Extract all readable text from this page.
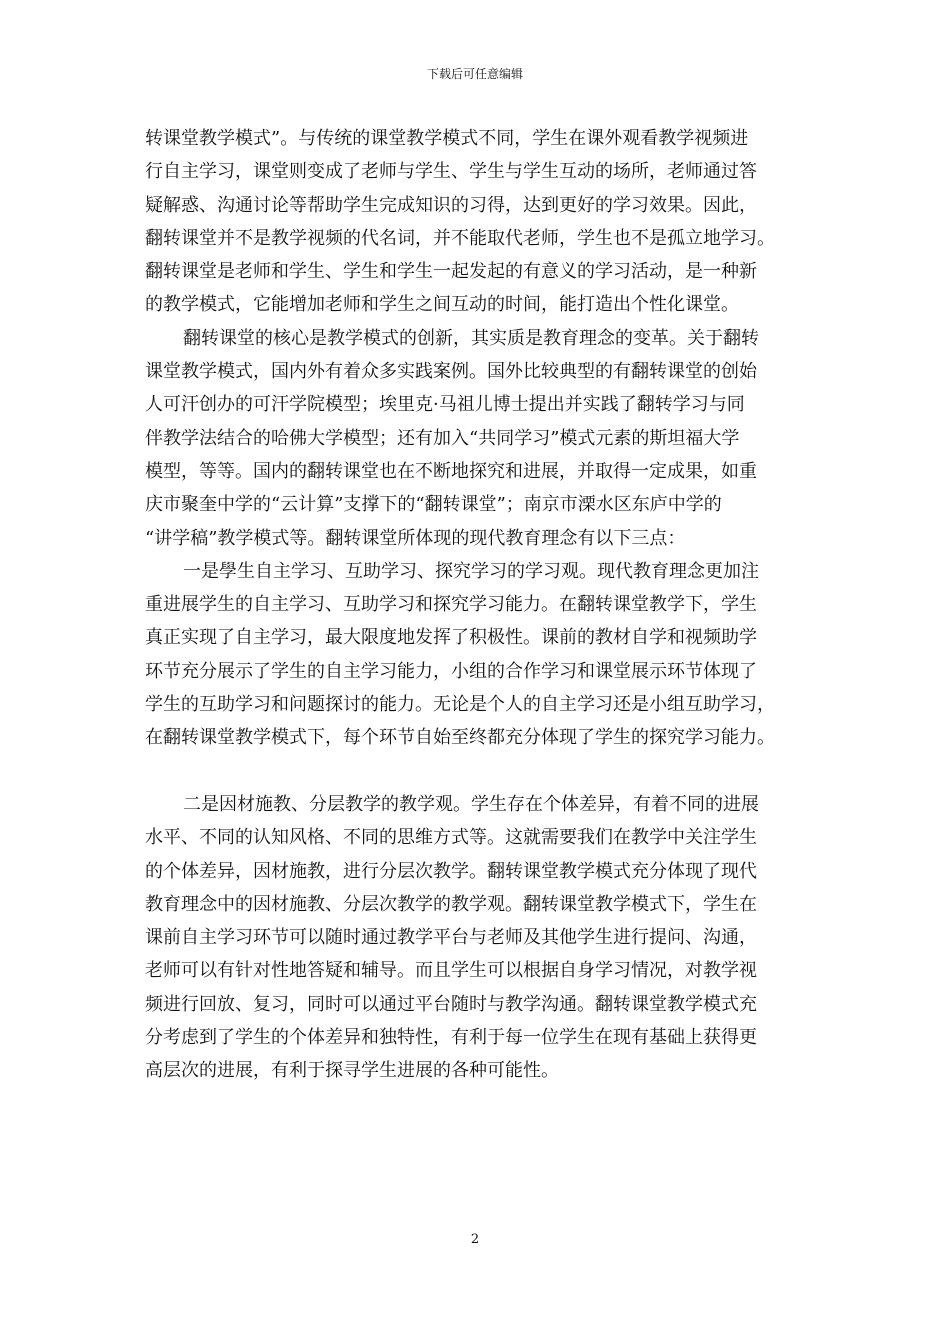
下载后可任意编辑
转课堂教学模式”。与传统的课堂教学模式不同，学生在课外观看教学视频进
行自主学习，课堂则变成了老师与学生、学生与学生互动的场所，老师通过答
疑解惑、沟通讨论等帮助学生完成知识的习得，达到更好的学习效果。因此，
翻转课堂并不是教学视频的代名词，并不能取代老师，学生也不是孤立地学习。
翻转课堂是老师和学生、学生和学生一起发起的有意义的学习活动，是一种新
的教学模式，它能增加老师和学生之间互动的时间，能打造出个性化课堂。
翻转课堂的核心是教学模式的创新，其实质是教育理念的变革。关于翻转
课堂教学模式，国内外有着众多实践案例。国外比较典型的有翻转课堂的创始
人可汗创办的可汗学院模型；埃里克·马祖儿博士提出并实践了翻转学习与同
伴教学法结合的哈佛大学模型；还有加入“共同学习”模式元素的斯坦福大学
模型，等等。国内的翻转课堂也在不断地探究和进展，并取得一定成果，如重
庆市聚奎中学的“云计算”支撑下的“翻转课堂”；南京市溧水区东庐中学的
“讲学稿”教学模式等。翻转课堂所体现的现代教育理念有以下三点：
一是學生自主学习、互助学习、探究学习的学习观。现代教育理念更加注
重进展学生的自主学习、互助学习和探究学习能力。在翻转课堂教学下，学生
真正实现了自主学习，最大限度地发挥了积极性。课前的教材自学和视频助学
环节充分展示了学生的自主学习能力，小组的合作学习和课堂展示环节体现了
学生的互助学习和问题探讨的能力。无论是个人的自主学习还是小组互助学习，
在翻转课堂教学模式下，每个环节自始至终都充分体现了学生的探究学习能力。
二是因材施教、分层教学的教学观。学生存在个体差异，有着不同的进展
水平、不同的认知风格、不同的思维方式等。这就需要我们在教学中关注学生
的个体差异，因材施教，进行分层次教学。翻转课堂教学模式充分体现了现代
教育理念中的因材施教、分层次教学的教学观。翻转课堂教学模式下，学生在
课前自主学习环节可以随时通过教学平台与老师及其他学生进行提问、沟通，
老师可以有针对性地答疑和辅导。而且学生可以根据自身学习情况，对教学视
频进行回放、复习，同时可以通过平台随时与教学沟通。翻转课堂教学模式充
分考虑到了学生的个体差异和独特性，有利于每一位学生在现有基础上获得更
高层次的进展，有利于探寻学生进展的各种可能性。
2
